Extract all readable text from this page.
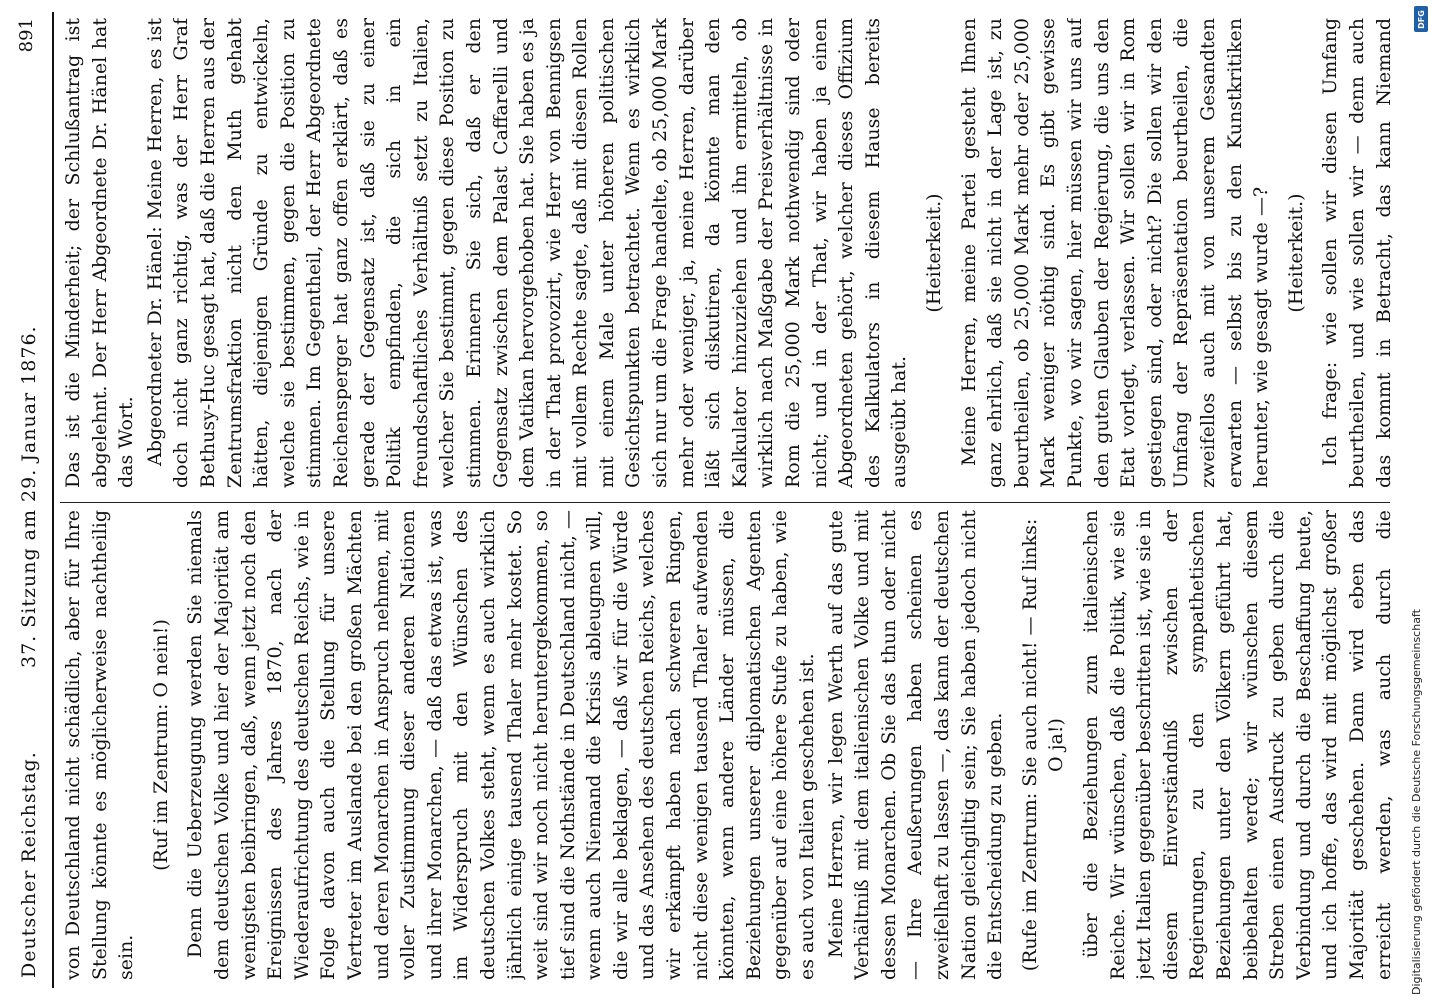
Deutscher Reichstag.
37. Sitzung am 29. Januar 1876.
891

von Deutschland nicht schädlich, aber für Ihre Stellung könnte es möglicherweise nachtheilig sein.

(Ruf im Zentrum: O nein!) Denn die Ueberzeugung werden Sie niemals dem deutschen Volke und hier der Majorität am wenigsten beibringen, daß, wenn jetzt noch den Ereignissen des Jahres 1870, nach der Wiederaufrichtung des deutschen Reichs, wie in Folge davon auch die Stellung für unsere Vertreter im Auslande bei den großen Mächten und deren Monarchen in Anspruch nehmen, mit voller Zustimmung dieser anderen Nationen und ihrer Monarchen, — daß das etwas ist, was im Widerspruch mit den Wünschen des deutschen Volkes steht, wenn es auch wirklich jährlich einige tausend Thaler mehr kostet. So weit sind wir noch nicht heruntergekommen, so tief sind die Nothstände in Deutschland nicht, — wenn auch Niemand die Krisis ableugnen will, die wir alle beklagen, — daß wir für die Würde und das Ansehen des deutschen Reichs, welches wir erkämpft haben nach schweren Ringen, nicht diese wenigen tausend Thaler aufwenden könnten, wenn andere Länder müssen, die Beziehungen unserer diplomatischen Agenten gegenüber auf eine höhere Stufe zu haben, wie es auch von Italien geschehen ist. Meine Herren, wir legen Werth auf das gute Verhältniß mit dem italienischen Volke und mit dessen Monarchen. Ob Sie das thun oder nicht — Ihre Aeußerungen haben scheinen es zweifelhaft zu lassen —, das kann der deutschen Nation gleichgiltig sein; Sie haben jedoch nicht die Entscheidung zu geben. (Rufe im Zentrum: Sie auch nicht! — Ruf links: O ja!)

über die Beziehungen zum italienischen Reiche. Wir wünschen, daß die Politik, wie sie jetzt Italien gegenüber beschritten ist, wie sie in diesem Einverständniß zwischen der Regierungen, zu den sympathetischen Beziehungen unter den Völkern geführt hat, beibehalten werde; wir wünschen diesem Streben einen Ausdruck zu geben durch die Verbindung und durch die Beschaffung heute, und ich hoffe, das wird mit möglichst großer Majorität geschehen. Dann wird eben das erreicht werden, was auch durch die

Das ist die Minderheit; der Schlußantrag ist abgelehnt. Der Herr Abgeordnete Dr. Hänel hat das Wort. Abgeordneter Dr. Hänel: Meine Herren, es ist doch nicht ganz richtig, was der Herr Graf Bethusy-Huc gesagt hat, daß die Herren aus der Zentrumsfraktion nicht den Muth gehabt hätten, diejenigen Gründe zu entwickeln, welche sie bestimmen, gegen die Position zu stimmen. Im Gegentheil, der Herr Abgeordnete Reichensperger hat ganz offen erklärt, daß es gerade der Gegensatz ist, daß sie zu einer Politik empfinden, die sich in ein freundschaftliches Verhältniß setzt zu Italien, welcher Sie bestimmt, gegen diese Position zu stimmen. Erinnern Sie sich, daß er den Gegensatz zwischen dem Palast Caffarelli und dem Vatikan hervorgehoben hat. Sie haben es ja in der That provozirt, wie Herr von Bennigsen mit vollem Rechte sagte, daß mit diesen Rollen mit einem Male unter höheren politischen Gesichtspunkten betrachtet. Wenn es wirklich sich nur um die Frage handelte, ob 25,000 Mark mehr oder weniger, ja, meine Herren, darüber läßt sich diskutiren, da könnte man den Kalkulator hinzuziehen und ihn ermitteln, ob wirklich nach Maßgabe der Preisverhältnisse in Rom die 25,000 Mark nothwendig sind oder nicht; und in der That, wir haben ja einen Abgeordneten gehört, welcher dieses Offizium des Kalkulators in diesem Hause bereits ausgeübt hat.

(Heiterkeit.) Meine Herren, meine Partei gesteht Ihnen ganz ehrlich, daß sie nicht in der Lage ist, zu beurtheilen, ob 25,000 Mark mehr oder 25,000 Mark weniger nöthig sind. Es gibt gewisse Punkte, wo wir sagen, hier müssen wir uns auf den guten Glauben der Regierung, die uns den Etat vorlegt, verlassen. Wir sollen wir in Rom gestiegen sind, oder nicht? Die sollen wir den Umfang der Repräsentation beurtheilen, die zweifellos auch mit von unserem Gesandten erwarten — selbst bis zu den Kunstkritiken herunter, wie gesagt wurde —? (Heiterkeit.)

Ich frage: wie sollen wir diesen Umfang beurtheilen, und wie sollen wir — denn auch das kommt in Betracht, das kann Niemand	DFG
Digitalisierung gefördert durch die Deutsche Forschungsgemeinschaft
